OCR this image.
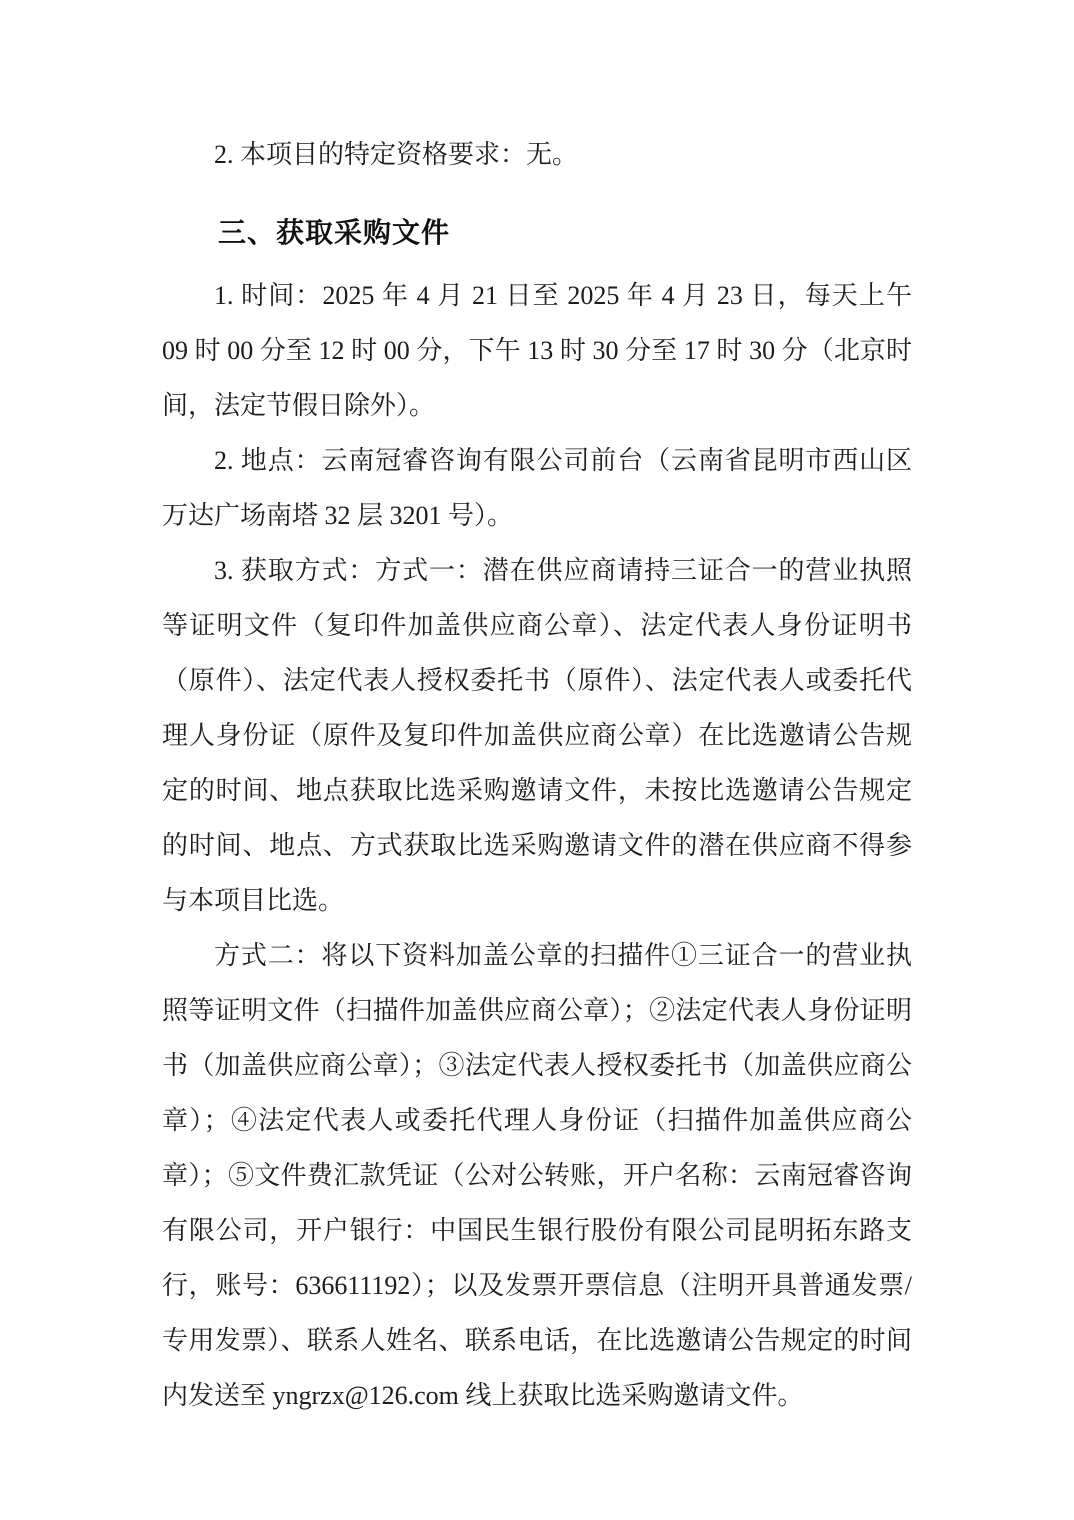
2. 本项目的特定资格要求：无。

三、获取采购文件

1. 时间：2025 年 4 月 21 日至 2025 年 4 月 23 日，每天上午 09 时 00 分至 12 时 00 分，下午 13 时 30 分至 17 时 30 分（北京时间，法定节假日除外）。

2. 地点：云南冠睿咨询有限公司前台（云南省昆明市西山区万达广场南塔 32 层 3201 号）。

3. 获取方式：方式一：潜在供应商请持三证合一的营业执照等证明文件（复印件加盖供应商公章）、法定代表人身份证明书（原件）、法定代表人授权委托书（原件）、法定代表人或委托代理人身份证（原件及复印件加盖供应商公章）在比选邀请公告规定的时间、地点获取比选采购邀请文件，未按比选邀请公告规定的时间、地点、方式获取比选采购邀请文件的潜在供应商不得参与本项目比选。

方式二：将以下资料加盖公章的扫描件①三证合一的营业执照等证明文件（扫描件加盖供应商公章）；②法定代表人身份证明书（加盖供应商公章）；③法定代表人授权委托书（加盖供应商公章）；④法定代表人或委托代理人身份证（扫描件加盖供应商公章）；⑤文件费汇款凭证（公对公转账，开户名称：云南冠睿咨询有限公司，开户银行：中国民生银行股份有限公司昆明拓东路支行，账号：636611192）；以及发票开票信息（注明开具普通发票/专用发票）、联系人姓名、联系电话，在比选邀请公告规定的时间内发送至 yngrzx@126.com 线上获取比选采购邀请文件。
